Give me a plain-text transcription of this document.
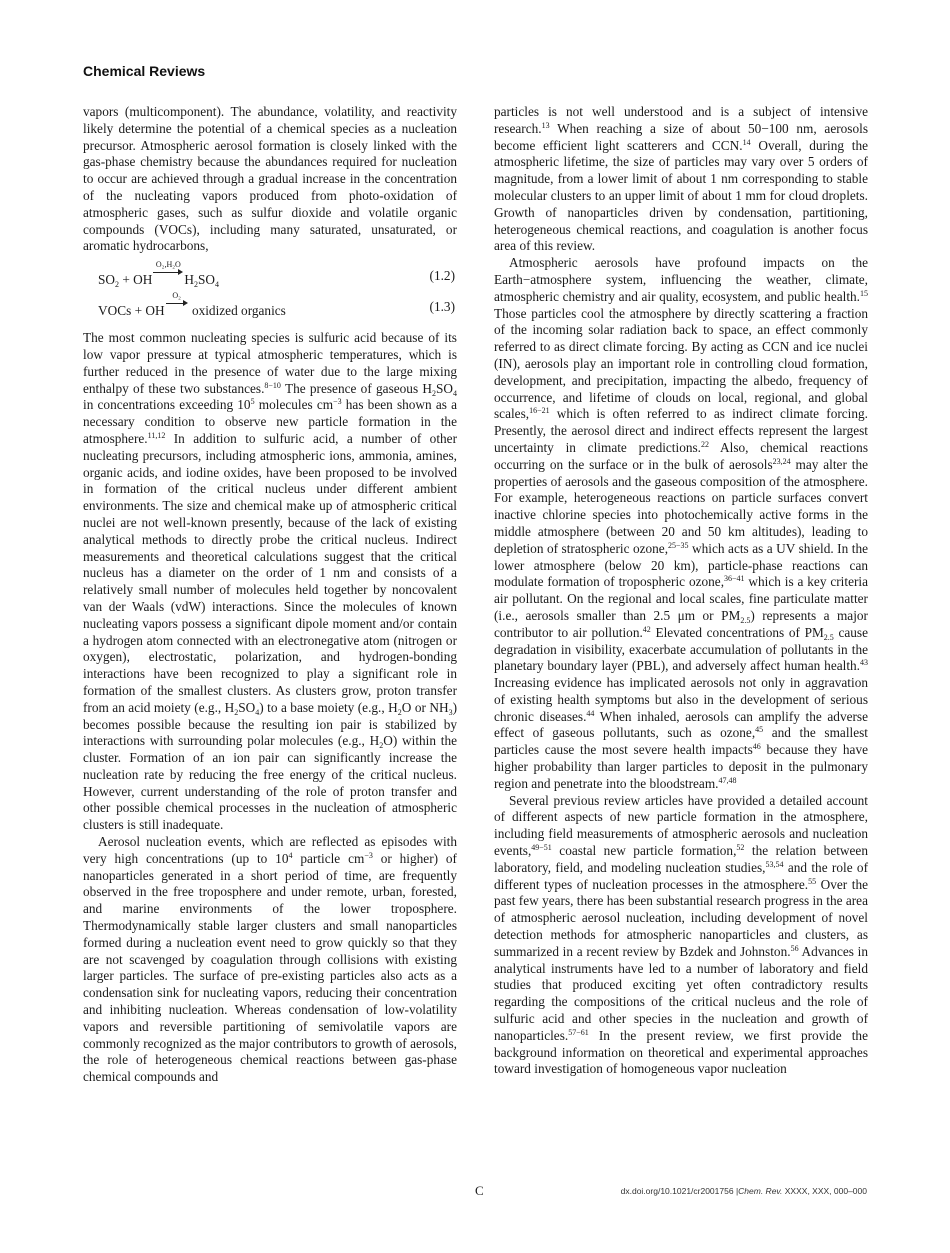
Chemical Reviews

vapors (multicomponent). The abundance, volatility, and reactivity likely determine the potential of a chemical species as a nucleation precursor. Atmospheric aerosol formation is closely linked with the gas-phase chemistry because the abundances required for nucleation to occur are achieved through a gradual increase in the concentration of the nucleating vapors produced from photo-oxidation of atmospheric gases, such as sulfur dioxide and volatile organic compounds (VOCs), including many saturated, unsaturated, or aromatic hydrocarbons,

$SO_2$ + OH
O₂,H₂O
$H_2SO_4$
(1.2)
VOCs + OH
O₂
oxidized organics	(1.3)

The most common nucleating species is sulfuric acid because of its low vapor pressure at typical atmospheric temperatures, which is further reduced in the presence of water due to the large mixing enthalpy of these two substances.$^{8-10}$ The presence of gaseous $H_2SO_4$ in concentrations exceeding $10^5$ molecules $cm^{-3}$ has been shown as a necessary condition to observe new particle formation in the atmosphere.$^{11,12}$ In addition to sulfuric acid, a number of other nucleating precursors, including atmospheric ions, ammonia, amines, organic acids, and iodine oxides, have been proposed to be involved in formation of the critical nucleus under different ambient environments. The size and chemical make up of atmospheric critical nuclei are not well-known presently, because of the lack of existing analytical methods to directly probe the critical nucleus. Indirect measurements and theoretical calculations suggest that the critical nucleus has a diameter on the order of 1 nm and consists of a relatively small number of molecules held together by noncovalent van der Waals (vdW) interactions. Since the molecules of known nucleating vapors possess a significant dipole moment and/or contain a hydrogen atom connected with an electronegative atom (nitrogen or oxygen), electrostatic, polarization, and hydrogen-bonding interactions have been recognized to play a significant role in formation of the smallest clusters. As clusters grow, proton transfer from an acid moiety (e.g., $H_2SO_4$) to a base moiety (e.g., $H_2O$ or $NH_3$) becomes possible because the resulting ion pair is stabilized by interactions with surrounding polar molecules (e.g., $H_2O$) within the cluster. Formation of an ion pair can significantly increase the nucleation rate by reducing the free energy of the critical nucleus. However, current understanding of the role of proton transfer and other possible chemical processes in the nucleation of atmospheric clusters is still inadequate.

Aerosol nucleation events, which are reflected as episodes with very high concentrations (up to $10^4$ particle $cm^{-3}$ or higher) of nanoparticles generated in a short period of time, are frequently observed in the free troposphere and under remote, urban, forested, and marine environments of the lower troposphere. Thermodynamically stable larger clusters and small nanoparticles formed during a nucleation event need to grow quickly so that they are not scavenged by coagulation through collisions with existing larger particles. The surface of pre-existing particles also acts as a condensation sink for nucleating vapors, reducing their concentration and inhibiting nucleation. Whereas condensation of low-volatility vapors and reversible partitioning of semivolatile vapors are commonly recognized as the major contributors to growth of aerosols, the role of heterogeneous chemical reactions between gas-phase chemical compounds and

particles is not well understood and is a subject of intensive research.$^{13}$ When reaching a size of about 50−100 nm, aerosols become efficient light scatterers and CCN.$^{14}$ Overall, during the atmospheric lifetime, the size of particles may vary over 5 orders of magnitude, from a lower limit of about 1 nm corresponding to stable molecular clusters to an upper limit of about 1 mm for cloud droplets. Growth of nanoparticles driven by condensation, partitioning, heterogeneous chemical reactions, and coagulation is another focus area of this review.

Atmospheric aerosols have profound impacts on the Earth−atmosphere system, influencing the weather, climate, atmospheric chemistry and air quality, ecosystem, and public health.$^{15}$ Those particles cool the atmosphere by directly scattering a fraction of the incoming solar radiation back to space, an effect commonly referred to as direct climate forcing. By acting as CCN and ice nuclei (IN), aerosols play an important role in controlling cloud formation, development, and precipitation, impacting the albedo, frequency of occurrence, and lifetime of clouds on local, regional, and global scales,$^{16-21}$ which is often referred to as indirect climate forcing. Presently, the aerosol direct and indirect effects represent the largest uncertainty in climate predictions.$^{22}$ Also, chemical reactions occurring on the surface or in the bulk of aerosols$^{23,24}$ may alter the properties of aerosols and the gaseous composition of the atmosphere. For example, heterogeneous reactions on particle surfaces convert inactive chlorine species into photochemically active forms in the middle atmosphere (between 20 and 50 km altitudes), leading to depletion of stratospheric ozone,$^{25-35}$ which acts as a UV shield. In the lower atmosphere (below 20 km), particle-phase reactions can modulate formation of tropospheric ozone,$^{36-41}$ which is a key criteria air pollutant. On the regional and local scales, fine particulate matter (i.e., aerosols smaller than 2.5 μm or $PM_{2.5}$) represents a major contributor to air pollution.$^{42}$ Elevated concentrations of $PM_{2.5}$ cause degradation in visibility, exacerbate accumulation of pollutants in the planetary boundary layer (PBL), and adversely affect human health.$^{43}$ Increasing evidence has implicated aerosols not only in aggravation of existing health symptoms but also in the development of serious chronic diseases.$^{44}$ When inhaled, aerosols can amplify the adverse effect of gaseous pollutants, such as ozone,$^{45}$ and the smallest particles cause the most severe health impacts$^{46}$ because they have higher probability than larger particles to deposit in the pulmonary region and penetrate into the bloodstream.$^{47,48}$

Several previous review articles have provided a detailed account of different aspects of new particle formation in the atmosphere, including field measurements of atmospheric aerosols and nucleation events,$^{49-51}$ coastal new particle formation,$^{52}$ the relation between laboratory, field, and modeling nucleation studies,$^{53,54}$ and the role of different types of nucleation processes in the atmosphere.$^{55}$ Over the past few years, there has been substantial research progress in the area of atmospheric aerosol nucleation, including development of novel detection methods for atmospheric nanoparticles and clusters, as summarized in a recent review by Bzdek and Johnston.$^{56}$ Advances in analytical instruments have led to a number of laboratory and field studies that produced exciting yet often contradictory results regarding the compositions of the critical nucleus and the role of sulfuric acid and other species in the nucleation and growth of nanoparticles.$^{57-61}$ In the present review, we first provide the background information on theoretical and experimental approaches toward investigation of homogeneous vapor nucleation

C	dx.doi.org/10.1021/cr2001756 |Chem. Rev. XXXX, XXX, 000–000
